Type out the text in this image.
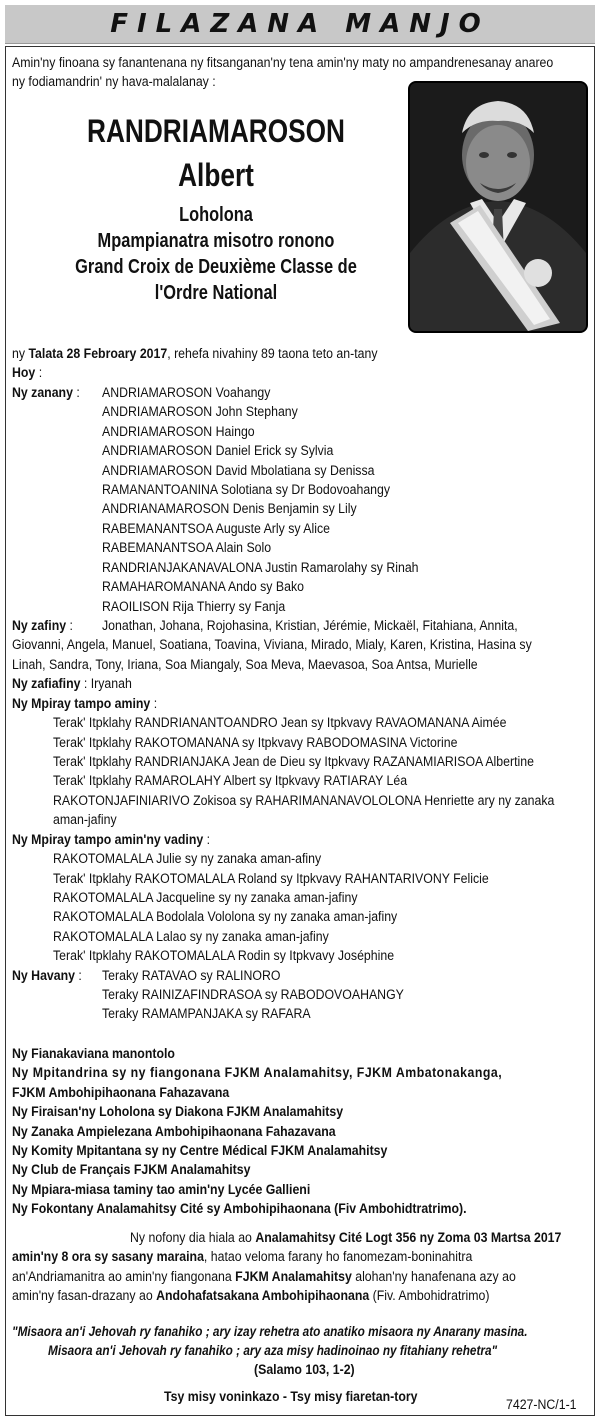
FILAZANA MANJO
Amin'ny finoana sy fanantenana ny fitsanganan'ny tena amin'ny maty no ampandrenesanay anareo
ny fodiamandrin' ny hava-malalanay :
RANDRIAMAROSON
Albert
Loholona
Mpampianatra misotro ronono
Grand Croix de Deuxième Classe de
l'Ordre National
ny Talata 28 Febroary 2017, rehefa nivahiny 89 taona teto an-tany
Hoy :
Ny zanany : ANDRIAMAROSON Voahangy
ANDRIAMAROSON John Stephany
ANDRIAMAROSON Haingo
ANDRIAMAROSON Daniel Erick sy Sylvia
ANDRIAMAROSON David Mbolatiana sy Denissa
RAMANANTOANINA Solotiana sy Dr Bodovoahangy
ANDRIANAMAROSON Denis Benjamin sy Lily
RABEMANANTSOA Auguste Arly sy Alice
RABEMANANTSOA Alain Solo
RANDRIANJAKANAVALONA Justin Ramarolahy sy Rinah
RAMAHAROMANANA Ando sy Bako
RAOILISON Rija Thierry sy Fanja
Ny zafiny : Jonathan, Johana, Rojohasina, Kristian, Jérémie, Mickaël, Fitahiana, Annita,
Giovanni, Angela, Manuel, Soatiana, Toavina, Viviana, Mirado, Mialy, Karen, Kristina, Hasina sy
Linah, Sandra, Tony, Iriana, Soa Miangaly, Soa Meva, Maevasoa, Soa Antsa, Murielle
Ny zafiafiny : Iryanah
Ny Mpiray tampo aminy :
Terak' Itpklahy RANDRIANANTOANDRO Jean sy Itpkvavy RAVAOMANANA Aimée
Terak' Itpklahy RAKOTOMANANA sy Itpkvavy RABODOMASINA Victorine
Terak' Itpklahy RANDRIANJAKA Jean de Dieu sy Itpkvavy RAZANAMIARISOA Albertine
Terak' Itpklahy RAMAROLAHY Albert sy Itpkvavy RATIARAY Léa
RAKOTONJAFINIARIVO Zokisoa sy RAHARIMANANAVOLOLONA Henriette ary ny zanaka
aman-jafiny
Ny Mpiray tampo amin'ny vadiny :
RAKOTOMALALA Julie sy ny zanaka aman-afiny
Terak' Itpklahy RAKOTOMALALA Roland sy Itpkvavy RAHANTARIVONY Felicie
RAKOTOMALALA Jacqueline sy ny zanaka aman-jafiny
RAKOTOMALALA Bodolala Vololona sy ny zanaka aman-jafiny
RAKOTOMALALA Lalao sy ny zanaka aman-jafiny
Terak' Itpklahy RAKOTOMALALA Rodin sy Itpkvavy Joséphine
Ny Havany : Teraky RATAVAO sy RALINORO
Teraky RAINIZAFINDRASOA sy RABODOVOAHANGY
Teraky RAMAMPANJAKA sy RAFARA
Ny Fianakaviana manontolo
Ny Mpitandrina sy ny fiangonana FJKM Analamahitsy, FJKM Ambatonakanga,
FJKM Ambohipihaonana Fahazavana
Ny Firaisan'ny Loholona sy Diakona FJKM Analamahitsy
Ny Zanaka Ampielezana Ambohipihaonana Fahazavana
Ny Komity Mpitantana sy ny Centre Médical FJKM Analamahitsy
Ny Club de Français FJKM Analamahitsy
Ny Mpiara-miasa taminy tao amin'ny Lycée Gallieni
Ny Fokontany Analamahitsy Cité sy Ambohipihaonana (Fiv Ambohidtratrimo).
Ny nofony dia hiala ao Analamahitsy Cité Logt 356 ny Zoma 03 Martsa 2017
amin'ny 8 ora sy sasany maraina, hatao veloma farany ho fanomezam-boninahitra
an'Andriamanitra ao amin'ny fiangonana FJKM Analamahitsy alohan'ny hanafenana azy ao
amin'ny fasan-drazany ao Andohafatsakana Ambohipihaonana (Fiv. Ambohidratrimo)
"Misaora an'i Jehovah ry fanahiko ; ary izay rehetra ato anatiko misaora ny Anarany masina.
Misaora an'i Jehovah ry fanahiko ; ary aza misy hadinoinao ny fitahiany rehetra"
(Salamo 103, 1-2)
Tsy misy voninkazo - Tsy misy fiaretan-tory
7427-NC/1-1
